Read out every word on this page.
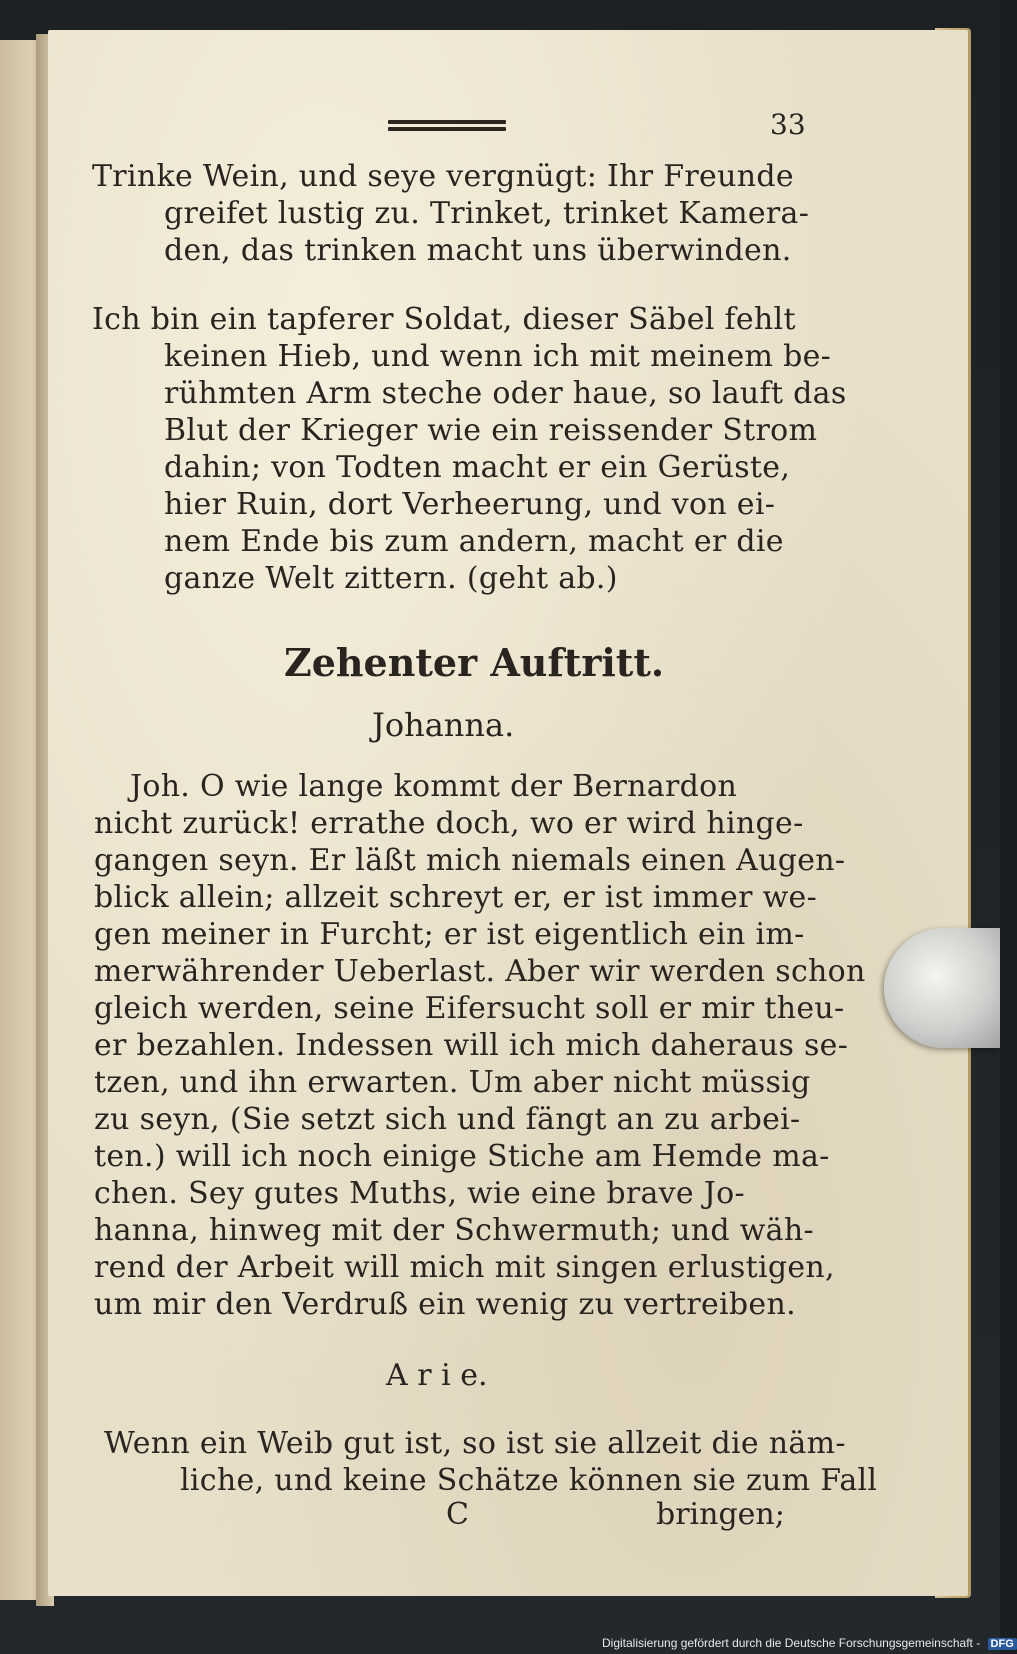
33
Trinke Wein, und seye vergnügt: Ihr Freunde
greifet lustig zu. Trinket, trinket Kamera-
den, das trinken macht uns überwinden.
Ich bin ein tapferer Soldat, dieser Säbel fehlt
keinen Hieb, und wenn ich mit meinem be-
rühmten Arm steche oder haue, so lauft das
Blut der Krieger wie ein reissender Strom
dahin; von Todten macht er ein Gerüste,
hier Ruin, dort Verheerung, und von ei-
nem Ende bis zum andern, macht er die
ganze Welt zittern. (geht ab.)
Zehenter Auftritt.
Johanna.
Joh. O wie lange kommt der Bernardon
nicht zurück! errathe doch, wo er wird hinge-
gangen seyn. Er läßt mich niemals einen Augen-
blick allein; allzeit schreyt er, er ist immer we-
gen meiner in Furcht; er ist eigentlich ein im-
merwährender Ueberlast. Aber wir werden schon
gleich werden, seine Eifersucht soll er mir theu-
er bezahlen. Indessen will ich mich daheraus se-
tzen, und ihn erwarten. Um aber nicht müssig
zu seyn, (Sie setzt sich und fängt an zu arbei-
ten.) will ich noch einige Stiche am Hemde ma-
chen. Sey gutes Muths, wie eine brave Jo-
hanna, hinweg mit der Schwermuth; und wäh-
rend der Arbeit will mich mit singen erlustigen,
um mir den Verdruß ein wenig zu vertreiben.
A r i e.
Wenn ein Weib gut ist, so ist sie allzeit die näm-
liche, und keine Schätze können sie zum Fall
C	bringen;
Digitalisierung gefördert durch die Deutsche Forschungsgemeinschaft - DFG
